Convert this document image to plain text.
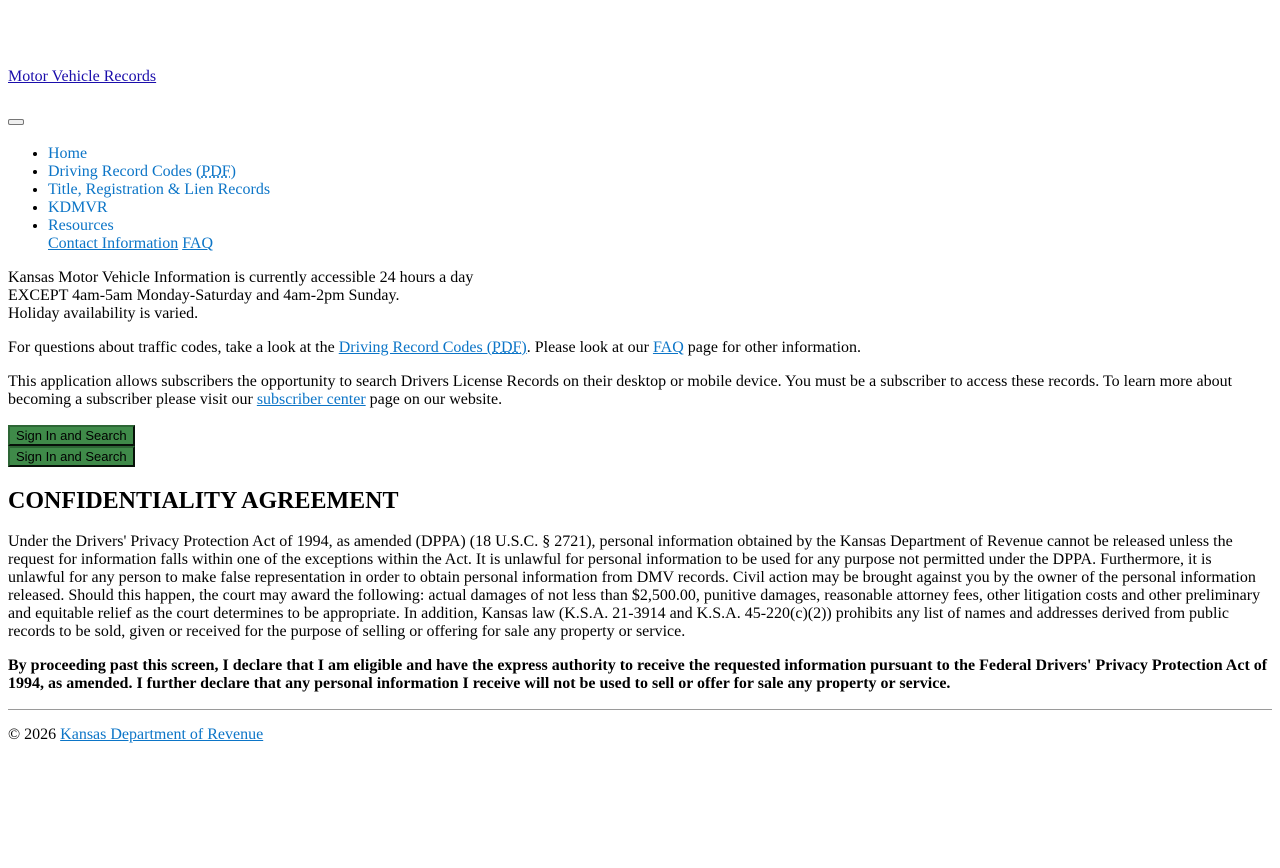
Motor Vehicle Records
• Home
• Driving Record Codes (PDF)
• Title, Registration & Lien Records
• KDMVR
• Resources
Contact Information FAQ
Kansas Motor Vehicle Information is currently accessible 24 hours a day
EXCEPT 4am-5am Monday-Saturday and 4am-2pm Sunday.
Holiday availability is varied.

For questions about traffic codes, take a look at the Driving Record Codes (PDF). Please look at our FAQ page for other information.

This application allows subscribers the opportunity to search Drivers License Records on their desktop or mobile device. You must be a subscriber to access these records. To learn more about becoming a subscriber please visit our subscriber center page on our website.

Sign In and Search
Sign In and Search
CONFIDENTIALITY AGREEMENT

Under the Drivers' Privacy Protection Act of 1994, as amended (DPPA) (18 U.S.C. § 2721), personal information obtained by the Kansas Department of Revenue cannot be released unless the request for information falls within one of the exceptions within the Act. It is unlawful for personal information to be used for any purpose not permitted under the DPPA. Furthermore, it is unlawful for any person to make false representation in order to obtain personal information from DMV records. Civil action may be brought against you by the owner of the personal information released. Should this happen, the court may award the following: actual damages of not less than $2,500.00, punitive damages, reasonable attorney fees, other litigation costs and other preliminary and equitable relief as the court determines to be appropriate. In addition, Kansas law (K.S.A. 21-3914 and K.S.A. 45-220(c)(2)) prohibits any list of names and addresses derived from public records to be sold, given or received for the purpose of selling or offering for sale any property or service.

By proceeding past this screen, I declare that I am eligible and have the express authority to receive the requested information pursuant to the Federal Drivers' Privacy Protection Act of 1994, as amended. I further declare that any personal information I receive will not be used to sell or offer for sale any property or service.

© 2026 Kansas Department of Revenue
